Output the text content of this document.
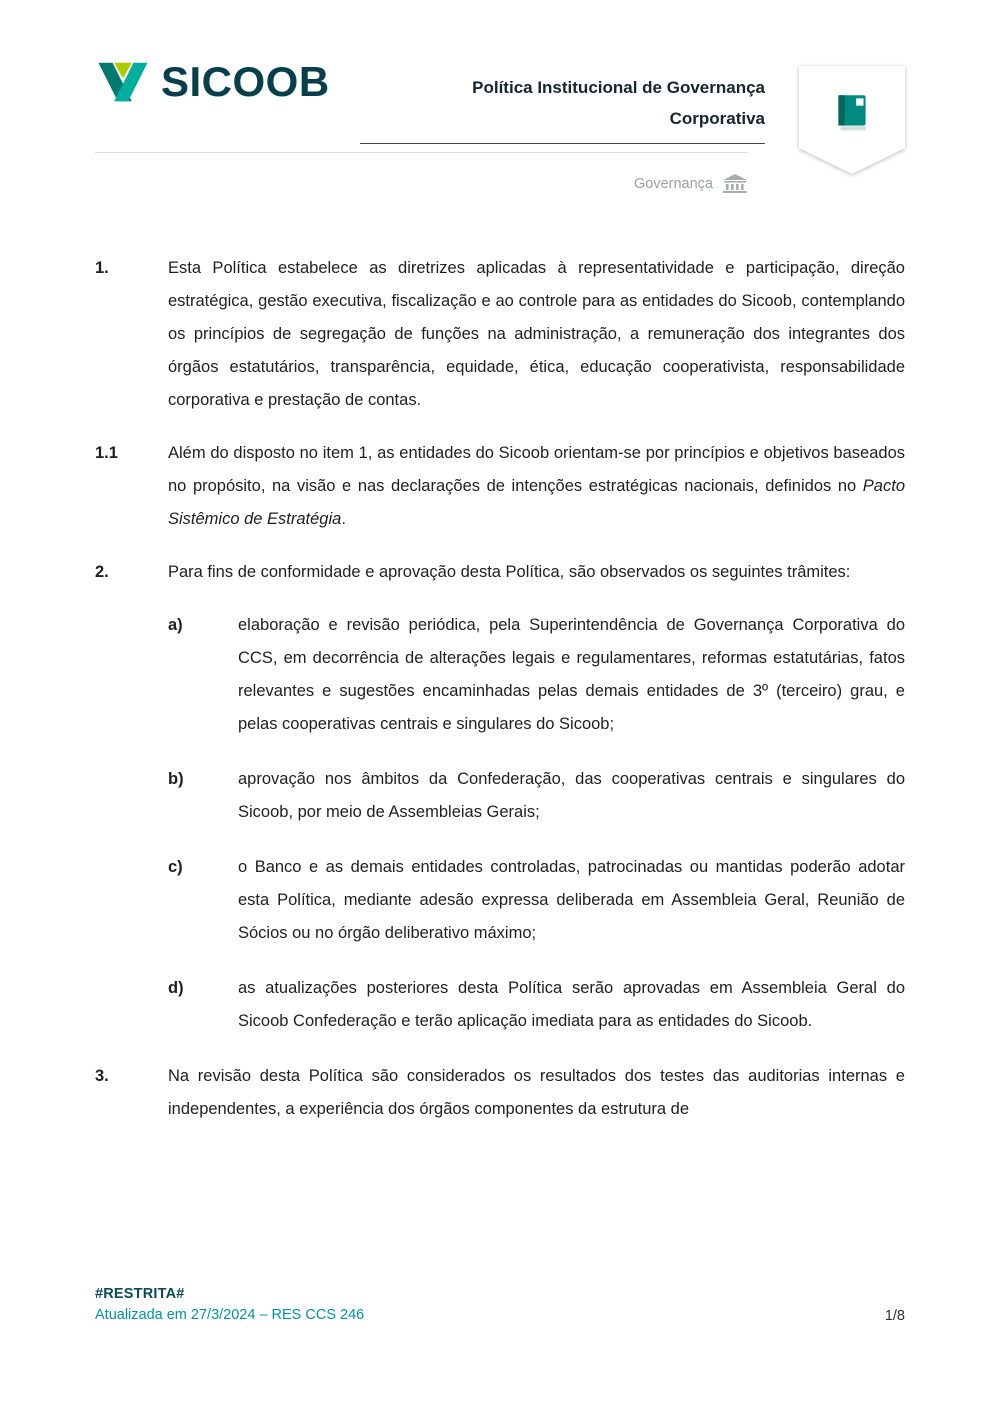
SICOOB	Política Institucional de Governança
Corporativa
Governança
1.	Esta Política estabelece as diretrizes aplicadas à representatividade e participação, direção estratégica, gestão executiva, fiscalização e ao controle para as entidades do Sicoob, contemplando os princípios de segregação de funções na administração, a remuneração dos integrantes dos órgãos estatutários, transparência, equidade, ética, educação cooperativista, responsabilidade corporativa e prestação de contas.

1.1	Além do disposto no item 1, as entidades do Sicoob orientam-se por princípios e objetivos baseados no propósito, na visão e nas declarações de intenções estratégicas nacionais, definidos no Pacto Sistêmico de Estratégia.

2.	Para fins de conformidade e aprovação desta Política, são observados os seguintes trâmites:

a)	elaboração e revisão periódica, pela Superintendência de Governança Corporativa do CCS, em decorrência de alterações legais e regulamentares, reformas estatutárias, fatos relevantes e sugestões encaminhadas pelas demais entidades de 3º (terceiro) grau, e pelas cooperativas centrais e singulares do Sicoob;

b)	aprovação nos âmbitos da Confederação, das cooperativas centrais e singulares do Sicoob, por meio de Assembleias Gerais;

c)	o Banco e as demais entidades controladas, patrocinadas ou mantidas poderão adotar esta Política, mediante adesão expressa deliberada em Assembleia Geral, Reunião de Sócios ou no órgão deliberativo máximo;

d)	as atualizações posteriores desta Política serão aprovadas em Assembleia Geral do Sicoob Confederação e terão aplicação imediata para as entidades do Sicoob.

3.	Na revisão desta Política são considerados os resultados dos testes das auditorias internas e independentes, a experiência dos órgãos componentes da estrutura de

#RESTRITA#
Atualizada em 27/3/2024 – RES CCS 246	1/8
